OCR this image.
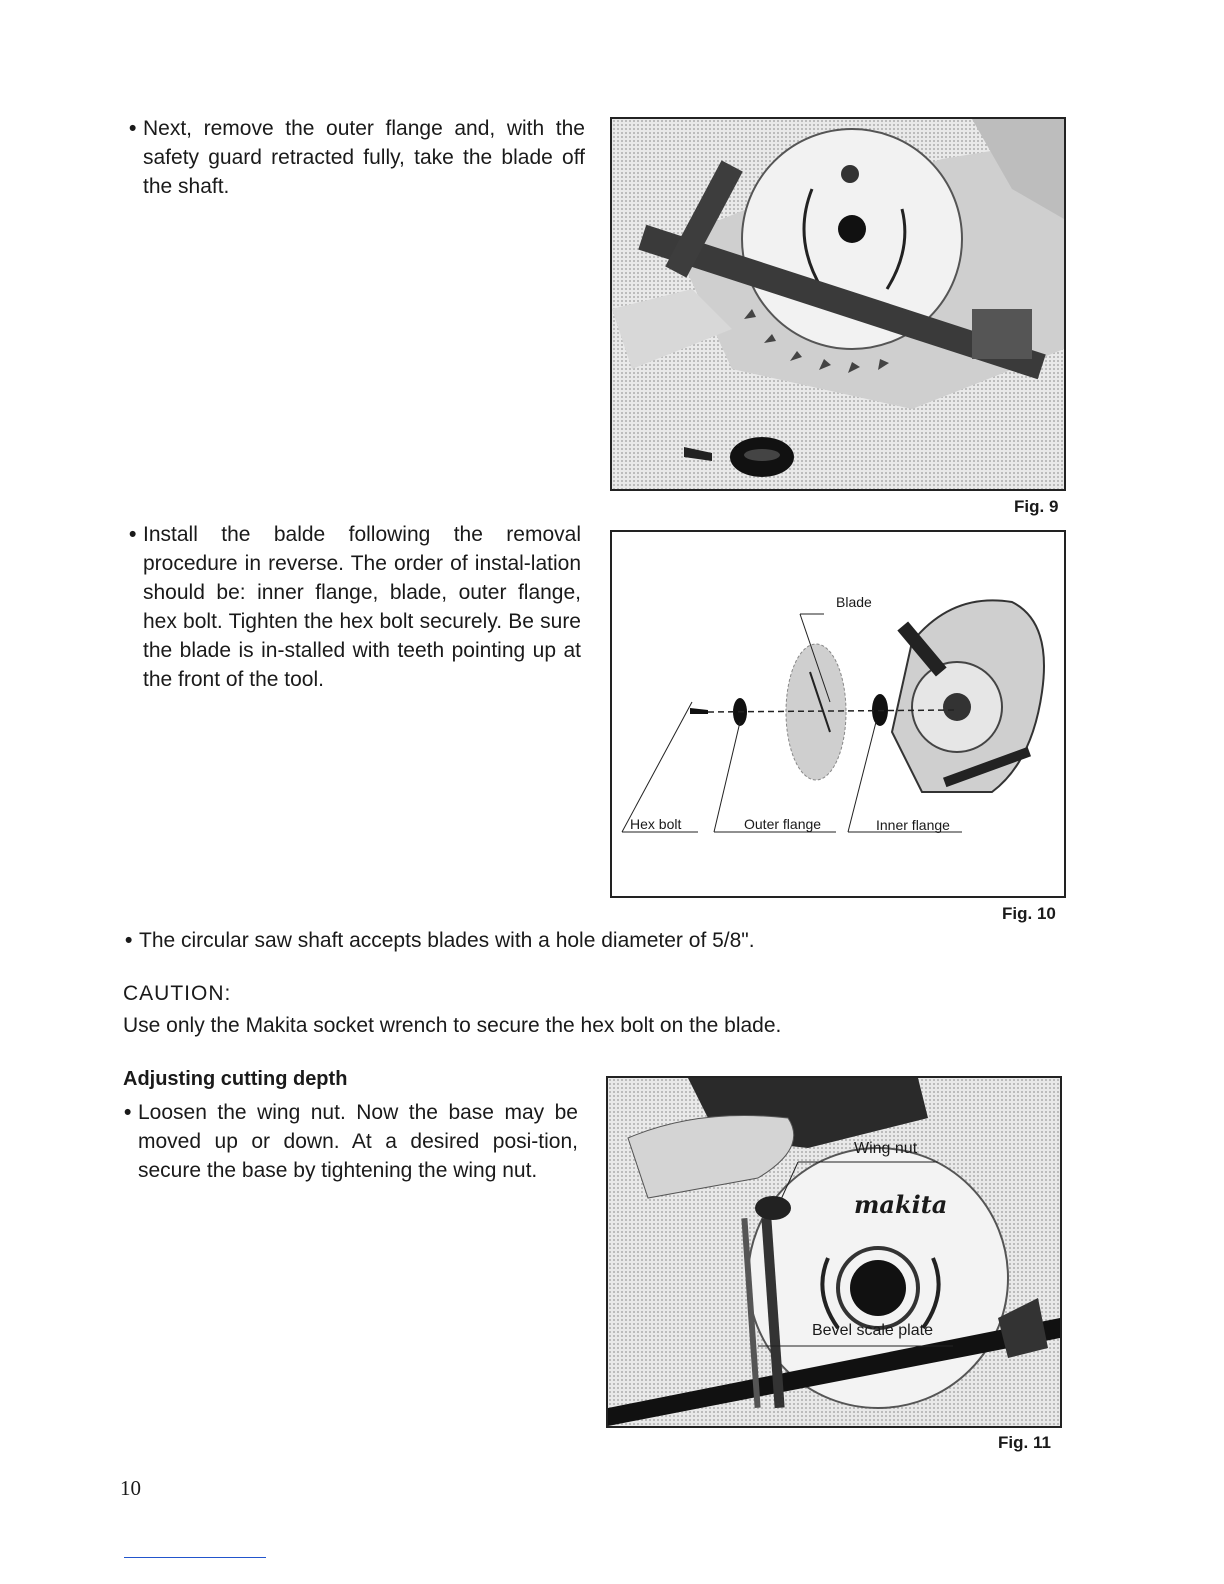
• Next, remove the outer flange and, with the safety guard retracted fully, take the blade off the shaft.
Fig. 9
• Install the balde following the removal procedure in reverse. The order of instal-lation should be: inner flange, blade, outer flange, hex bolt. Tighten the hex bolt securely. Be sure the blade is in-stalled with teeth pointing up at the front of the tool.
Blade
Hex bolt	Outer flange	Inner flange
Fig. 10
• The circular saw shaft accepts blades with a hole diameter of 5/8".
CAUTION:
Use only the Makita socket wrench to secure the hex bolt on the blade.
Adjusting cutting depth
• Loosen the wing nut. Now the base may be moved up or down. At a desired posi-tion, secure the base by tightening the wing nut.
makita
Wing nut
Bevel scale plate
Fig. 11
10
